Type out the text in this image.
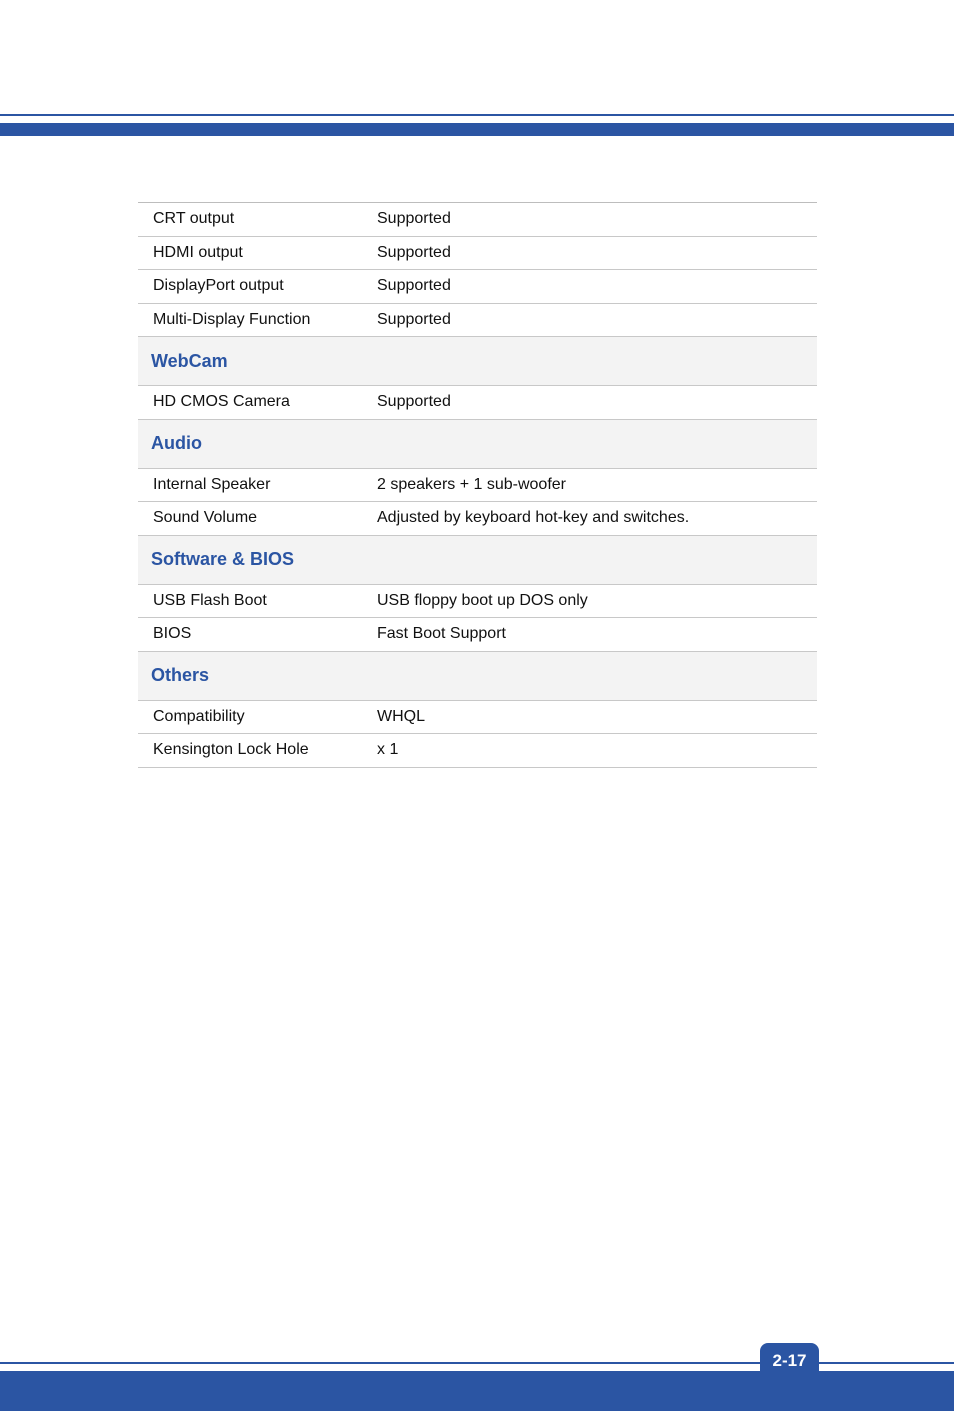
CRT output	Supported
HDMI output	Supported
DisplayPort output	Supported
Multi-Display Function	Supported
WebCam	
HD CMOS Camera	Supported
Audio	
Internal Speaker	2 speakers + 1 sub-woofer
Sound Volume	Adjusted by keyboard hot-key and switches.
Software & BIOS	
USB Flash Boot	USB floppy boot up DOS only
BIOS	Fast Boot Support
Others	
Compatibility	WHQL
Kensington Lock Hole	x 1
2-17
